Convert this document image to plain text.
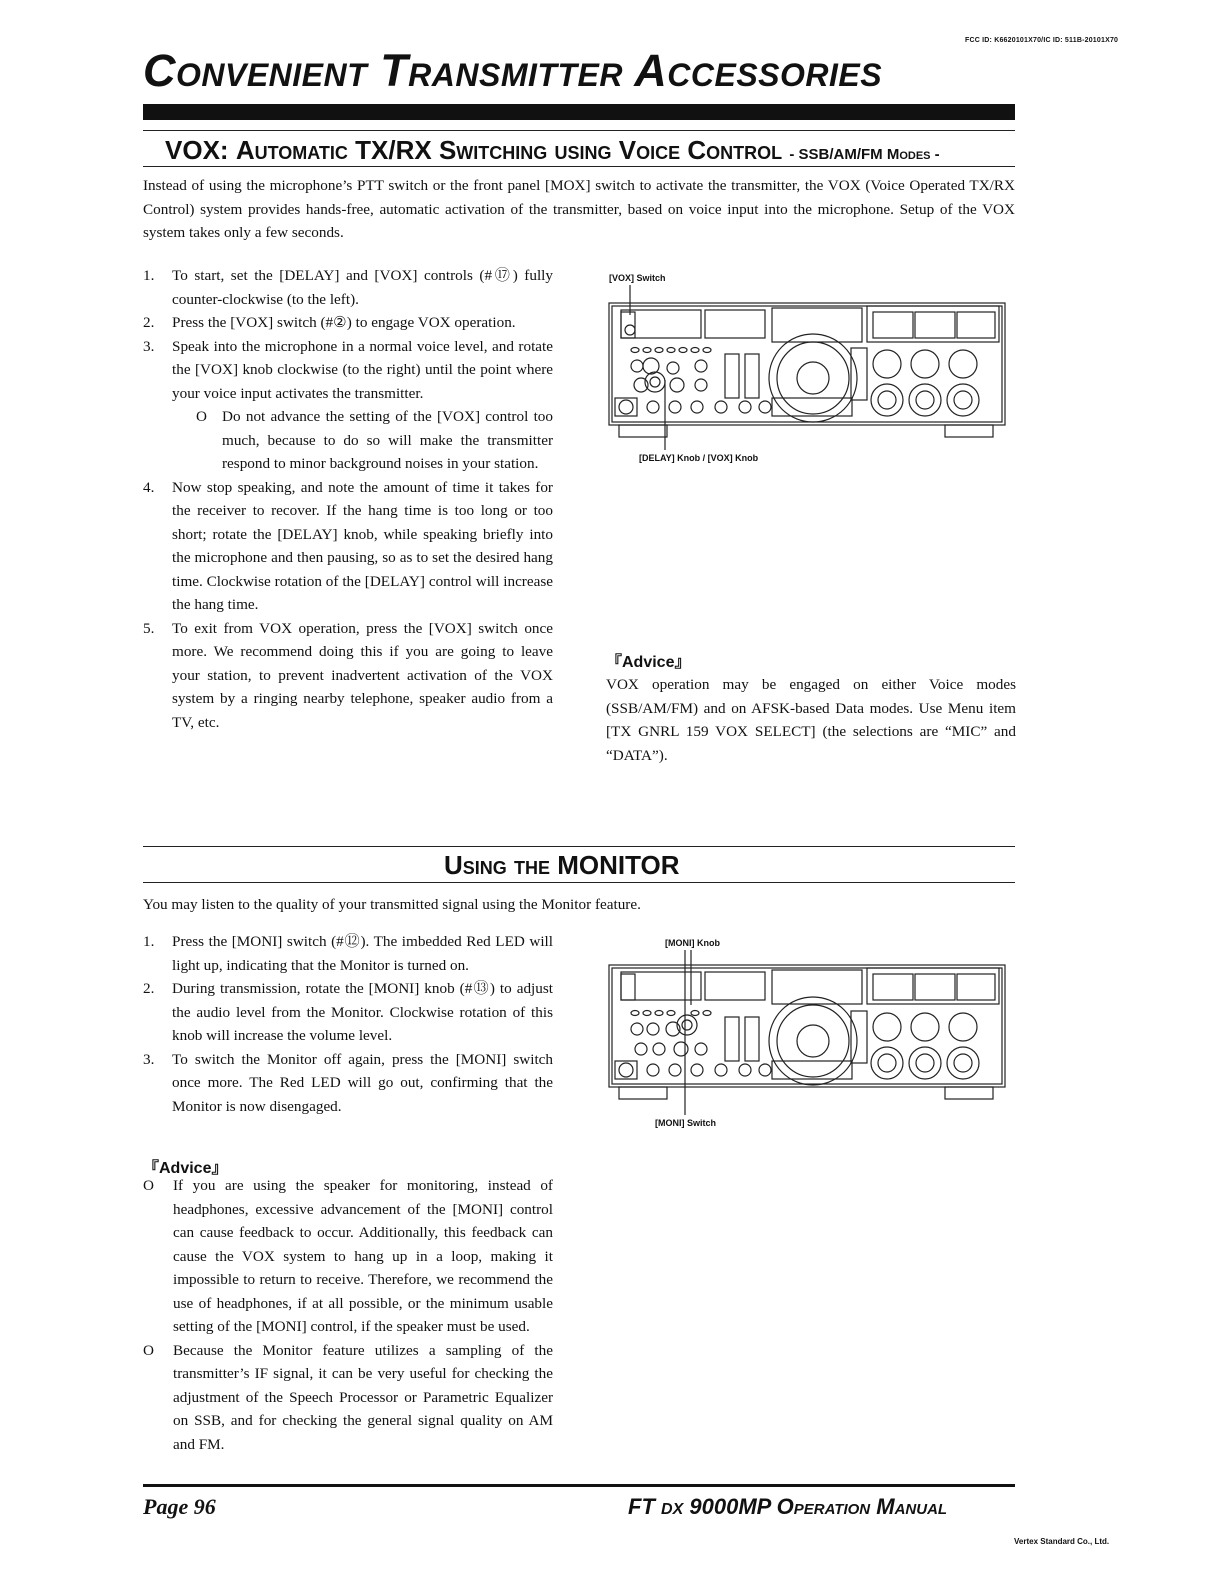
FCC ID: K6620101X70/IC ID: 511B-20101X70
Convenient Transmitter Accessories
VOX: Automatic TX/RX Switching using Voice Control - SSB/AM/FM Modes -
Instead of using the microphone’s PTT switch or the front panel [MOX] switch to activate the transmitter, the VOX (Voice Operated TX/RX Control) system provides hands-free, automatic activation of the transmitter, based on voice input into the microphone. Setup of the VOX system takes only a few seconds.
1. To start, set the [DELAY] and [VOX] controls (#⑰) fully counter-clockwise (to the left).
2. Press the [VOX] switch (#②) to engage VOX operation.
3. Speak into the microphone in a normal voice level, and rotate the [VOX] knob clockwise (to the right) until the point where your voice input activates the transmitter.
O Do not advance the setting of the [VOX] control too much, because to do so will make the transmitter respond to minor background noises in your station.
4. Now stop speaking, and note the amount of time it takes for the receiver to recover. If the hang time is too long or too short; rotate the [DELAY] knob, while speaking briefly into the microphone and then pausing, so as to set the desired hang time. Clockwise rotation of the [DELAY] control will increase the hang time.
5. To exit from VOX operation, press the [VOX] switch once more. We recommend doing this if you are going to leave your station, to prevent inadvertent activation of the VOX system by a ringing nearby telephone, speaker audio from a TV, etc.
[VOX] Switch
[DELAY] Knob / [VOX] Knob
『Advice』
VOX operation may be engaged on either Voice modes (SSB/AM/FM) and on AFSK-based Data modes. Use Menu item [TX GNRL 159 VOX SELECT] (the selections are “MIC” and “DATA”).
Using the MONITOR
You may listen to the quality of your transmitted signal using the Monitor feature.
1. Press the [MONI] switch (#⑫). The imbedded Red LED will light up, indicating that the Monitor is turned on.
2. During transmission, rotate the [MONI] knob (#⑬) to adjust the audio level from the Monitor. Clockwise rotation of this knob will increase the volume level.
3. To switch the Monitor off again, press the [MONI] switch once more. The Red LED will go out, confirming that the Monitor is now disengaged.
[MONI] Knob
[MONI] Switch
『Advice』
O If you are using the speaker for monitoring, instead of headphones, excessive advancement of the [MONI] control can cause feedback to occur. Additionally, this feedback can cause the VOX system to hang up in a loop, making it impossible to return to receive. Therefore, we recommend the use of headphones, if at all possible, or the minimum usable setting of the [MONI] control, if the speaker must be used.
O Because the Monitor feature utilizes a sampling of the transmitter’s IF signal, it can be very useful for checking the adjustment of the Speech Processor or Parametric Equalizer on SSB, and for checking the general signal quality on AM and FM.
Page 96	FT DX 9000MP Operation Manual
Vertex Standard Co., Ltd.
